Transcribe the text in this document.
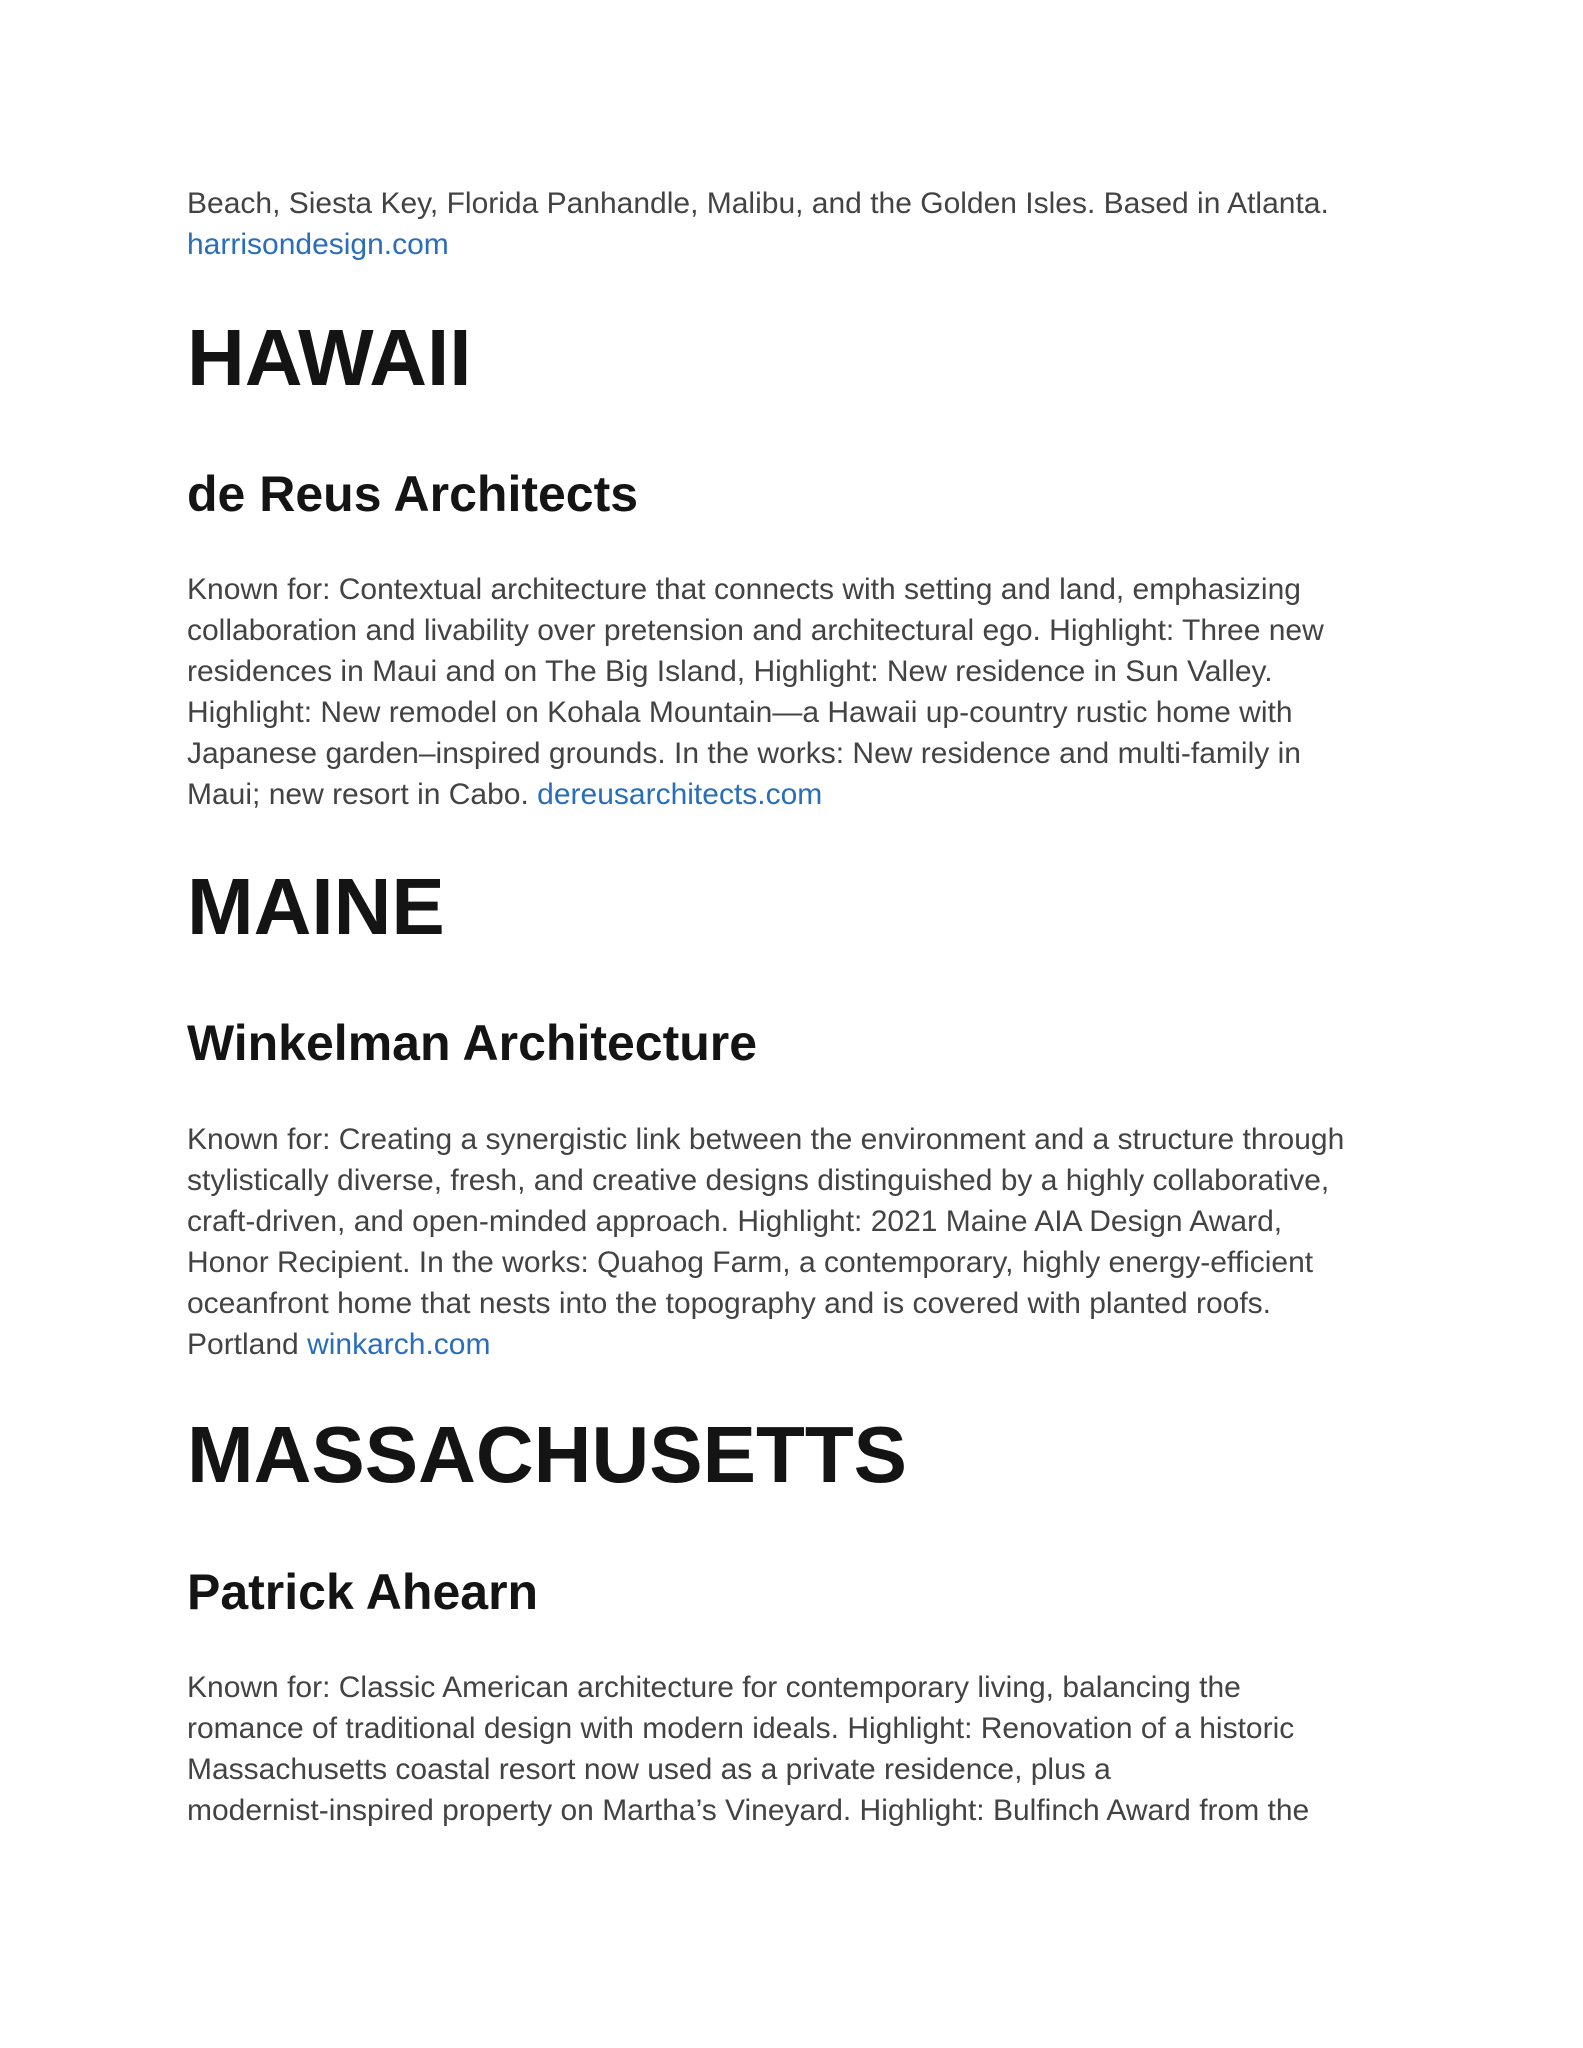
Beach, Siesta Key, Florida Panhandle, Malibu, and the Golden Isles. Based in Atlanta.
harrisondesign.com

HAWAII
de Reus Architects

Known for: Contextual architecture that connects with setting and land, emphasizing
collaboration and livability over pretension and architectural ego. Highlight: Three new
residences in Maui and on The Big Island, Highlight: New residence in Sun Valley.
Highlight: New remodel on Kohala Mountain—a Hawaii up-country rustic home with
Japanese garden–inspired grounds. In the works: New residence and multi-family in
Maui; new resort in Cabo. dereusarchitects.com

MAINE
Winkelman Architecture

Known for: Creating a synergistic link between the environment and a structure through
stylistically diverse, fresh, and creative designs distinguished by a highly collaborative,
craft-driven, and open-minded approach. Highlight: 2021 Maine AIA Design Award,
Honor Recipient. In the works: Quahog Farm, a contemporary, highly energy-efficient
oceanfront home that nests into the topography and is covered with planted roofs.
Portland winkarch.com

MASSACHUSETTS
Patrick Ahearn

Known for: Classic American architecture for contemporary living, balancing the
romance of traditional design with modern ideals. Highlight: Renovation of a historic
Massachusetts coastal resort now used as a private residence, plus a
modernist-inspired property on Martha’s Vineyard. Highlight: Bulfinch Award from the
